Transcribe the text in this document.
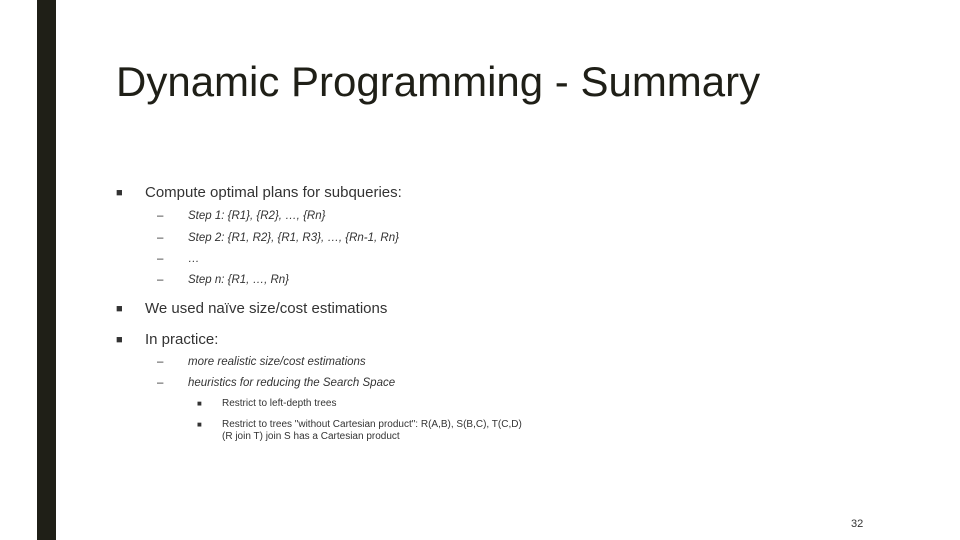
Dynamic Programming - Summary
■ Compute optimal plans for subqueries:
– Step 1: {R1}, {R2}, …, {Rn}
– Step 2: {R1, R2}, {R1, R3}, …, {Rn-1, Rn}
– …
– Step n: {R1, …, Rn}
■ We used naïve size/cost estimations
■ In practice:
– more realistic size/cost estimations
– heuristics for reducing the Search Space
■ Restrict to left-depth trees
■ Restrict to trees "without Cartesian product": R(A,B), S(B,C), T(C,D)
(R join T) join S has a Cartesian product
32
